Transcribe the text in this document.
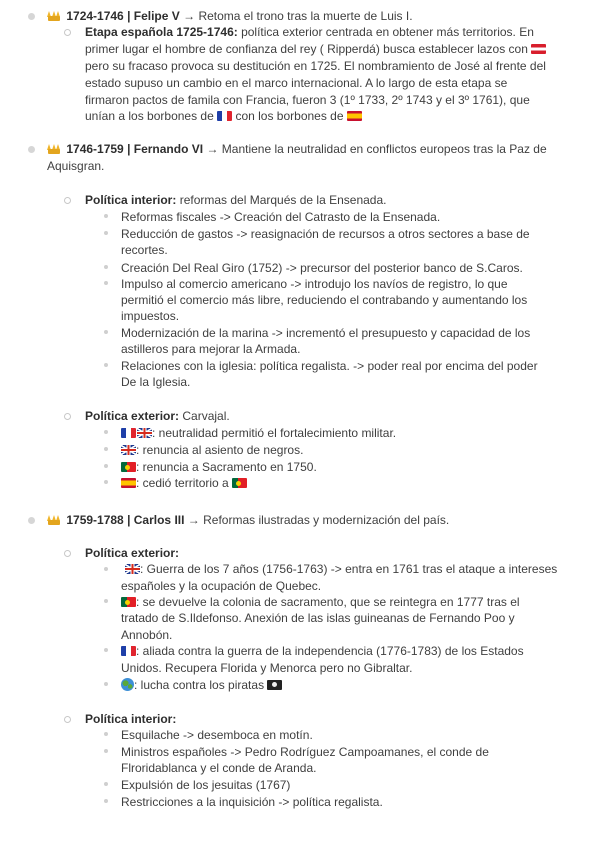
1724-1746 | Felipe V → Retoma el trono tras la muerte de Luis I.
Etapa española 1725-1746: política exterior centrada en obtener más territorios. En
primer lugar el hombre de confianza del rey ( Ripperdá) busca establecer lazos con
pero su fracaso provoca su destitución en 1725. El nombramiento de José al frente del
estado supuso un cambio en el marco internacional. A lo largo de esta etapa se
firmaron pactos de famila con Francia, fueron 3 (1º 1733, 2º 1743 y el 3º 1761), que
unían a los borbones de con los borbones de
1746-1759 | Fernando VI → Mantiene la neutralidad en conflictos europeos tras la Paz de
Aquisgran.
Política interior: reformas del Marqués de la Ensenada.
Reformas fiscales -> Creación del Catrasto de la Ensenada.
Reducción de gastos -> reasignación de recursos a otros sectores a base de
recortes.
Creación Del Real Giro (1752) -> precursor del posterior banco de S.Caros.
Impulso al comercio americano -> introdujo los navíos de registro, lo que
permitió el comercio más libre, reduciendo el contrabando y aumentando los
impuestos.
Modernización de la marina -> incrementó el presupuesto y capacidad de los
astilleros para mejorar la Armada.
Relaciones con la iglesia: política regalista. -> poder real por encima del poder
De la Iglesia.
Política exterior: Carvajal.
: neutralidad permitió el fortalecimiento militar.
: renuncia al asiento de negros.
: renuncia a Sacramento en 1750.
: cedió territorio a
1759-1788 | Carlos III → Reformas ilustradas y modernización del país.
Política exterior:
: Guerra de los 7 años (1756-1763) -> entra en 1761 tras el ataque a intereses
españoles y la ocupación de Quebec.
: se devuelve la colonia de sacramento, que se reintegra en 1777 tras el
tratado de S.Ildefonso. Anexión de las islas guineanas de Fernando Poo y
Annobón.
: aliada contra la guerra de la independencia (1776-1783) de los Estados
Unidos. Recupera Florida y Menorca pero no Gibraltar.
: lucha contra los piratas
Política interior:
Esquilache -> desemboca en motín.
Ministros españoles -> Pedro Rodríguez Campoamanes, el conde de
Flroridablanca y el conde de Aranda.
Expulsión de los jesuitas (1767)
Restricciones a la inquisición -> política regalista.
